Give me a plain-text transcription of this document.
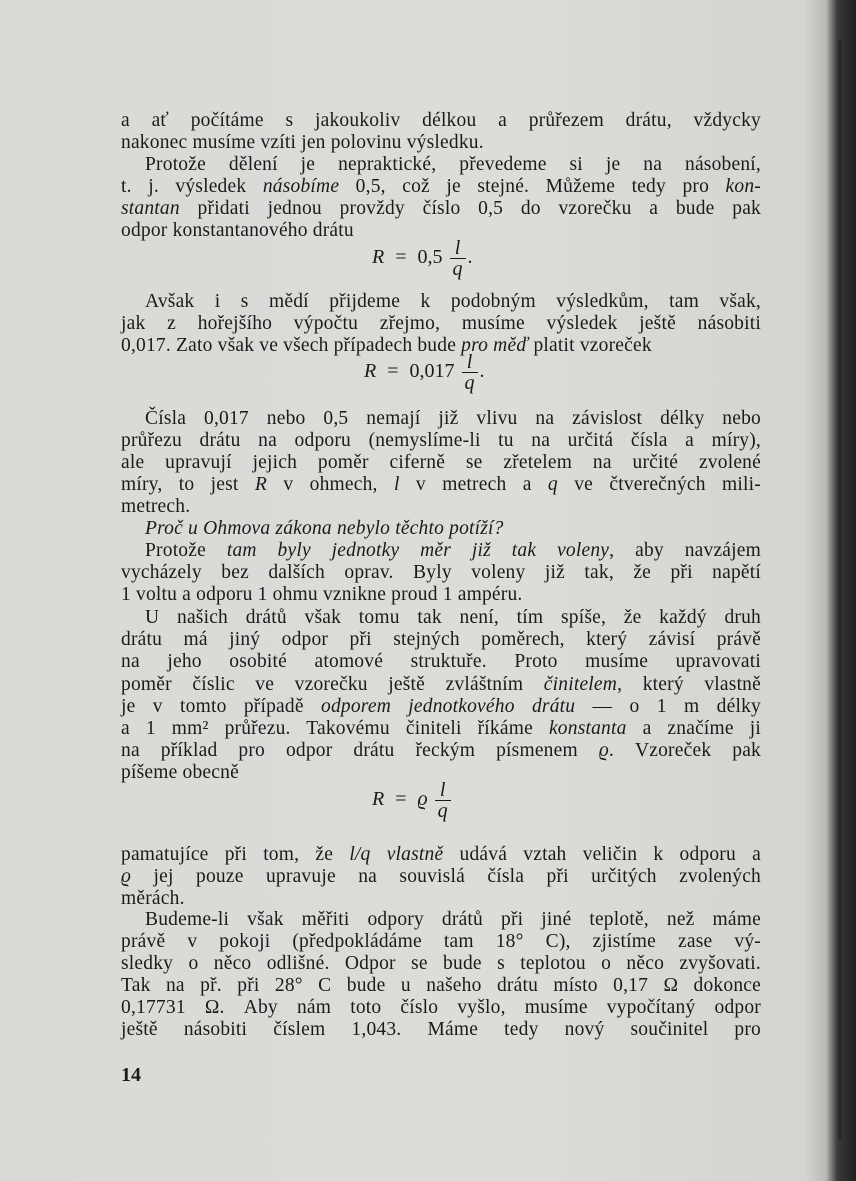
a ať počítáme s jakoukoliv délkou a průřezem drátu, vždycky
nakonec musíme vzíti jen polovinu výsledku.
Protože dělení je nepraktické, převedeme si je na násobení,
t. j. výsledek násobíme 0,5, což je stejné. Můžeme tedy pro kon-
stantan přidati jednou provždy číslo 0,5 do vzorečku a bude pak
odpor konstantanového drátu
$R = 0,5 \frac{l}{q}$ .
Avšak i s mědí přijdeme k podobným výsledkům, tam však,
jak z hořejšího výpočtu zřejmo, musíme výsledek ještě násobiti
0,017. Zato však ve všech případech bude pro měď platit vzoreček
$R = 0,017 \frac{l}{q}$ .
Čísla 0,017 nebo 0,5 nemají již vlivu na závislost délky nebo
průřezu drátu na odporu (nemyslíme-li tu na určitá čísla a míry),
ale upravují jejich poměr ciferně se zřetelem na určité zvolené
míry, to jest R v ohmech, l v metrech a q ve čtverečných mili-
metrech.
Proč u Ohmova zákona nebylo těchto potíží?
Protože tam byly jednotky měr již tak voleny, aby navzájem
vycházely bez dalších oprav. Byly voleny již tak, že při napětí
1 voltu a odporu 1 ohmu vznikne proud 1 ampéru.
U našich drátů však tomu tak není, tím spíše, že každý druh
drátu má jiný odpor při stejných poměrech, který závisí právě
na jeho osobité atomové struktuře. Proto musíme upravovati
poměr číslic ve vzorečku ještě zvláštním činitelem, který vlastně
je v tomto případě odporem jednotkového drátu — o 1 m délky
a 1 mm² průřezu. Takovému činiteli říkáme konstanta a značíme ji
na příklad pro odpor drátu řeckým písmenem ϱ. Vzoreček pak
píšeme obecně
R = ϱ $\frac{l}{q}$
pamatujíce při tom, že l/q vlastně udává vztah veličin k odporu a
ϱ jej pouze upravuje na souvislá čísla při určitých zvolených
měrách.
Budeme-li však měřiti odpory drátů při jiné teplotě, než máme
právě v pokoji (předpokládáme tam 18° C), zjistíme zase vý-
sledky o něco odlišné. Odpor se bude s teplotou o něco zvyšovati.
Tak na př. při 28° C bude u našeho drátu místo 0,17 Ω dokonce
0,17731 Ω. Aby nám toto číslo vyšlo, musíme vypočítaný odpor
ještě násobiti číslem 1,043. Máme tedy nový součinitel pro
14
